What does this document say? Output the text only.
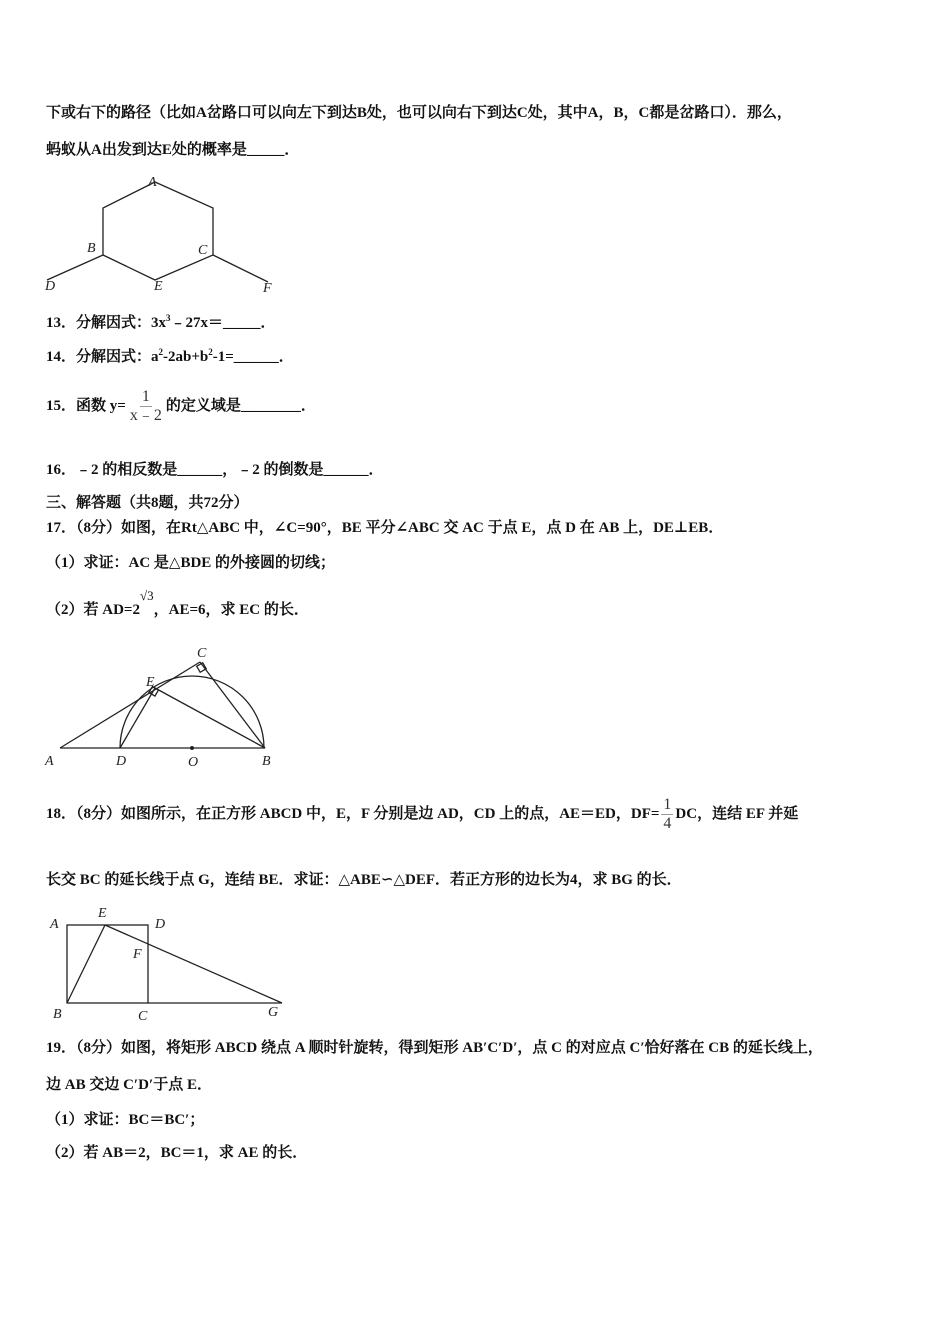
下或右下的路径（比如A岔路口可以向左下到达B处，也可以向右下到达C处，其中A，B，C都是岔路口）．那么，
蚂蚁从A出发到达E处的概率是_____．
A
B	C
D	E	F
A	B
C
D
E
O
A
E
D
F
B	C	G
13．分解因式：$3x^3﹣27x=\_\_\_\_\_$．
14．分解因式：$a^2-2ab+b^2-1=\_\_\_\_\_\_$．
15．函数 $y= \frac{1}{x﹣2}$ 的定义域是________．
16．﹣2 的相反数是______，﹣2 的倒数是______．
三、解答题（共8题，共72分）
17．（8分）如图，在Rt△ABC 中，∠C=90°，BE 平分∠ABC 交 AC 于点 E，点 D 在 AB 上，DE⊥EB．
（1）求证：AC 是△BDE 的外接圆的切线；
（2）若 AD=2√3，AE=6，求 EC 的长．
18．（8分）如图所示，在正方形 ABCD 中，E，F 分别是边 AD，CD 上的点，AE＝ED，$DF= \frac{1}{4}$ DC，连结 EF 并延
长交 BC 的延长线于点 G，连结 BE．求证：△ABE∽△DEF．若正方形的边长为4，求 BG 的长．
19．（8分）如图，将矩形 ABCD 绕点 A 顺时针旋转，得到矩形 AB′C′D′，点 C 的对应点 C′恰好落在 CB 的延长线上，
边 AB 交边 C′D′于点 E．
（1）求证：BC＝BC′；
（2）若 AB＝2，BC＝1，求 AE 的长．
